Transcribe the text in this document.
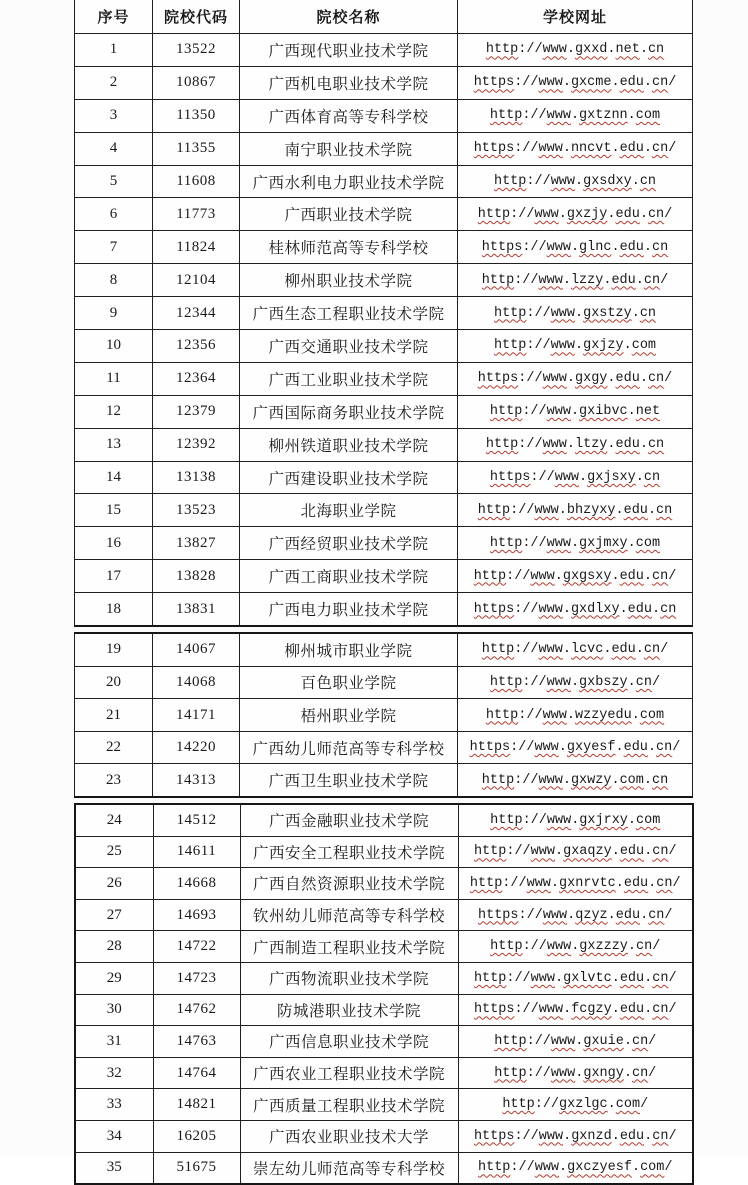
序号	院校代码	院校名称	学校网址
1	13522	广西现代职业技术学院	http://www.gxxd.net.cn
2	10867	广西机电职业技术学院	https://www.gxcme.edu.cn/
3	11350	广西体育高等专科学校	http://www.gxtznn.com
4	11355	南宁职业技术学院	https://www.nncvt.edu.cn/
5	11608	广西水利电力职业技术学院	http://www.gxsdxy.cn
6	11773	广西职业技术学院	http://www.gxzjy.edu.cn/
7	11824	桂林师范高等专科学校	https://www.glnc.edu.cn
8	12104	柳州职业技术学院	http://www.lzzy.edu.cn/
9	12344	广西生态工程职业技术学院	http://www.gxstzy.cn
10	12356	广西交通职业技术学院	http://www.gxjzy.com
11	12364	广西工业职业技术学院	https://www.gxgy.edu.cn/
12	12379	广西国际商务职业技术学院	http://www.gxibvc.net
13	12392	柳州铁道职业技术学院	http://www.ltzy.edu.cn
14	13138	广西建设职业技术学院	https://www.gxjsxy.cn
15	13523	北海职业学院	http://www.bhzyxy.edu.cn
16	13827	广西经贸职业技术学院	http://www.gxjmxy.com
17	13828	广西工商职业技术学院	http://www.gxgsxy.edu.cn/
18	13831	广西电力职业技术学院	https://www.gxdlxy.edu.cn
19	14067	柳州城市职业学院	http://www.lcvc.edu.cn/
20	14068	百色职业学院	http://www.gxbszy.cn/
21	14171	梧州职业学院	http://www.wzzyedu.com
22	14220	广西幼儿师范高等专科学校	https://www.gxyesf.edu.cn/
23	14313	广西卫生职业技术学院	http://www.gxwzy.com.cn
24	14512	广西金融职业技术学院	http://www.gxjrxy.com
25	14611	广西安全工程职业技术学院	http://www.gxaqzy.edu.cn/
26	14668	广西自然资源职业技术学院	http://www.gxnrvtc.edu.cn/
27	14693	钦州幼儿师范高等专科学校	https://www.qzyz.edu.cn/
28	14722	广西制造工程职业技术学院	http://www.gxzzzy.cn/
29	14723	广西物流职业技术学院	http://www.gxlvtc.edu.cn/
30	14762	防城港职业技术学院	https://www.fcgzy.edu.cn/
31	14763	广西信息职业技术学院	http://www.gxuie.cn/
32	14764	广西农业工程职业技术学院	http://www.gxngy.cn/
33	14821	广西质量工程职业技术学院	http://gxzlgc.com/
34	16205	广西农业职业技术大学	https://www.gxnzd.edu.cn/
35	51675	崇左幼儿师范高等专科学校	http://www.gxczyesf.com/
